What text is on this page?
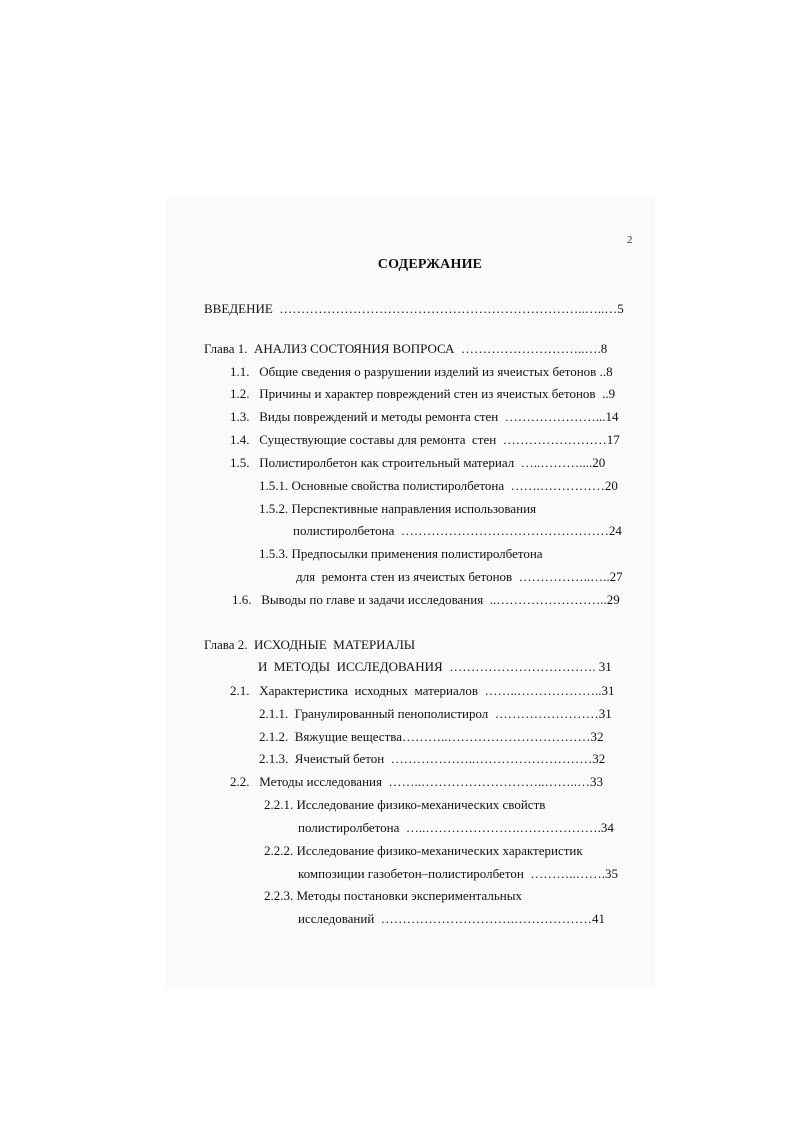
2
СОДЕРЖАНИЕ
ВВЕДЕНИЕ  ……………………………………………………………..…..…5
Глава 1.  АНАЛИЗ СОСТОЯНИЯ ВОПРОСА  ………………………..….8
1.1.   Общие сведения о разрушении изделий из ячеистых бетонов ..8
1.2.   Причины и характер повреждений стен из ячеистых бетонов  ..9
1.3.   Виды повреждений и методы ремонта стен  …………………...14
1.4.   Существующие составы для ремонта  стен  ……………………17
1.5.   Полистиролбетон как строительный материал  …..………....20
1.5.1. Основные свойства полистиролбетона  …….……………20
1.5.2. Перспективные направления использования
полистиролбетона  …………………………………………24
1.5.3. Предпосылки применения полистиролбетона
для  ремонта стен из ячеистых бетонов  ……………..…..27
1.6.   Выводы по главе и задачи исследования  ..……………………..29
Глава 2.  ИСХОДНЫЕ  МАТЕРИАЛЫ
И  МЕТОДЫ  ИССЛЕДОВАНИЯ  ……………………………. 31
2.1.   Характеристика  исходных  материалов  ……..………………..31
2.1.1.  Гранулированный пенополистирол  ……………………31
2.1.2.  Вяжущие вещества………..……………………………32
2.1.3.  Ячеистый бетон  ………………..………………………32
2.2.   Методы исследования  ……..………………………..……..…33
2.2.1. Исследование физико-механических свойств
полистиролбетона  …..………………….……………….34
2.2.2. Исследование физико-механических характеристик
композиции газобетон–полистиролбетон  ………..…….35
2.2.3. Методы постановки экспериментальных
исследований  ………………………….………………41
